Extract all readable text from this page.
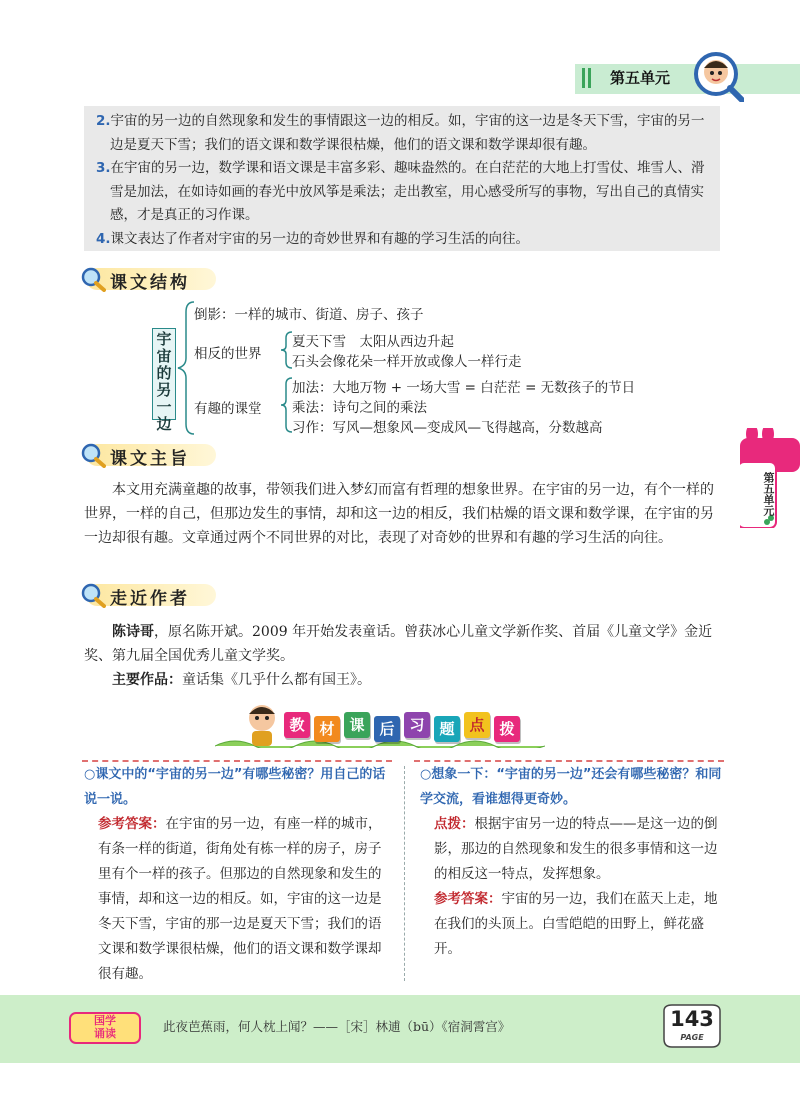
第五单元

2.宇宙的另一边的自然现象和发生的事情跟这一边的相反。如，宇宙的这一边是冬天下雪，宇宙的另一边是夏天下雪；我们的语文课和数学课很枯燥，他们的语文课和数学课却很有趣。

3.在宇宙的另一边，数学课和语文课是丰富多彩、趣味盎然的。在白茫茫的大地上打雪仗、堆雪人、滑雪是加法，在如诗如画的春光中放风筝是乘法；走出教室，用心感受所写的事物，写出自己的真情实感，才是真正的习作课。

4.课文表达了作者对宇宙的另一边的奇妙世界和有趣的学习生活的向往。

课文结构
宇宙的另一边
倒影：一样的城市、街道、房子、孩子
相反的世界
夏天下雪　太阳从西边升起
石头会像花朵一样开放或像人一样行走
有趣的课堂
加法：大地万物 + 一场大雪 = 白茫茫 = 无数孩子的节日
乘法：诗句之间的乘法
习作：写风—想象风—变成风—飞得越高，分数越高
课文主旨

本文用充满童趣的故事，带领我们进入梦幻而富有哲理的想象世界。在宇宙的另一边，有个一样的世界，一样的自己，但那边发生的事情，却和这一边的相反，我们枯燥的语文课和数学课，在宇宙的另一边却很有趣。文章通过两个不同世界的对比，表现了对奇妙的世界和有趣的学习生活的向往。

走近作者

陈诗哥，原名陈开斌。2009 年开始发表童话。曾获冰心儿童文学新作奖、首届《儿童文学》金近奖、第九届全国优秀儿童文学奖。

主要作品：童话集《几乎什么都有国王》。

教 材 课 后 习 题 点 拨
○课文中的“宇宙的另一边”有哪些秘密？用自己的话说一说。
参考答案：在宇宙的另一边，有座一样的城市，有条一样的街道，街角处有栋一样的房子，房子里有个一样的孩子。但那边的自然现象和发生的事情，却和这一边的相反。如，宇宙的这一边是冬天下雪，宇宙的那一边是夏天下雪；我们的语文课和数学课很枯燥，他们的语文课和数学课却很有趣。
○想象一下：“宇宙的另一边”还会有哪些秘密？和同学交流，看谁想得更奇妙。
点拨：根据宇宙另一边的特点——是这一边的倒影，那边的自然现象和发生的很多事情和这一边的相反这一特点，发挥想象。
参考答案：宇宙的另一边，我们在蓝天上走，地在我们的头顶上。白雪皑皑的田野上，鲜花盛开。
国学
诵读	此夜芭蕉雨，何人枕上闻？——［宋］林逋（bū）《宿洞霄宫》	143
PAGE
第五单元
